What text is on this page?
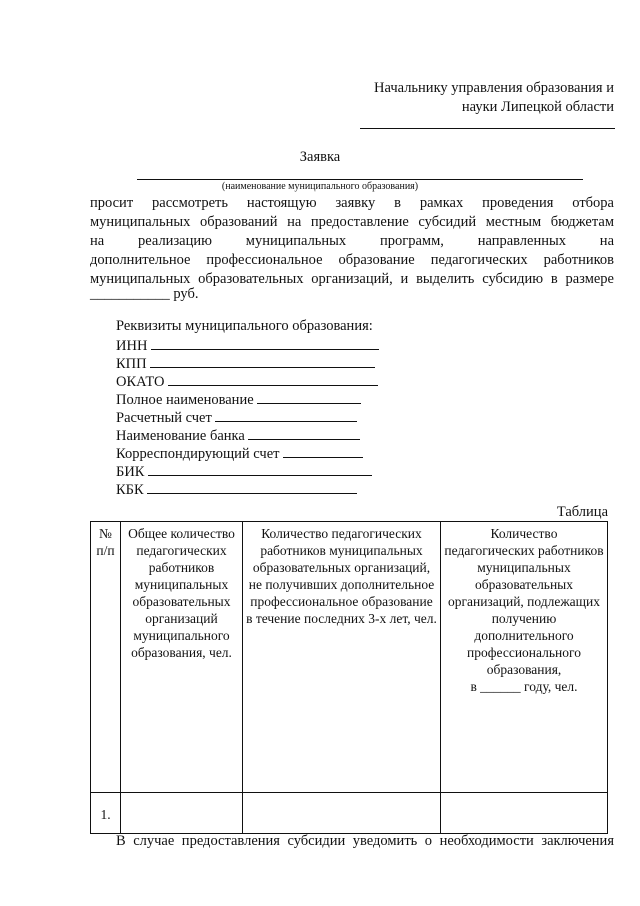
Начальнику управления образования и
науки Липецкой области
Заявка
(наименование муниципального образования)
просит рассмотреть настоящую заявку в рамках проведения отбора
муниципальных образований на предоставление субсидий местным бюджетам
на реализацию муниципальных программ, направленных на
дополнительное профессиональное образование педагогических работников
муниципальных образовательных организаций, и выделить субсидию в размере
___________ руб.
Реквизиты муниципального образования:
ИНН
КПП
ОКАТО
Полное наименование
Расчетный счет
Наименование банка
Корреспондирующий счет
БИК
КБК
Таблица
№ п/п	Общее количество педагогических работников муниципальных образовательных организаций муниципального образования, чел.	Количество педагогических работников муниципальных образовательных организаций, не получивших дополнительное профессиональное образование в течение последних 3-х лет, чел.	Количество педагогических работников муниципальных образовательных организаций, подлежащих получению дополнительного профессионального образования,
в ______ году, чел.

1.			
В случае предоставления субсидии уведомить о необходимости заключения
